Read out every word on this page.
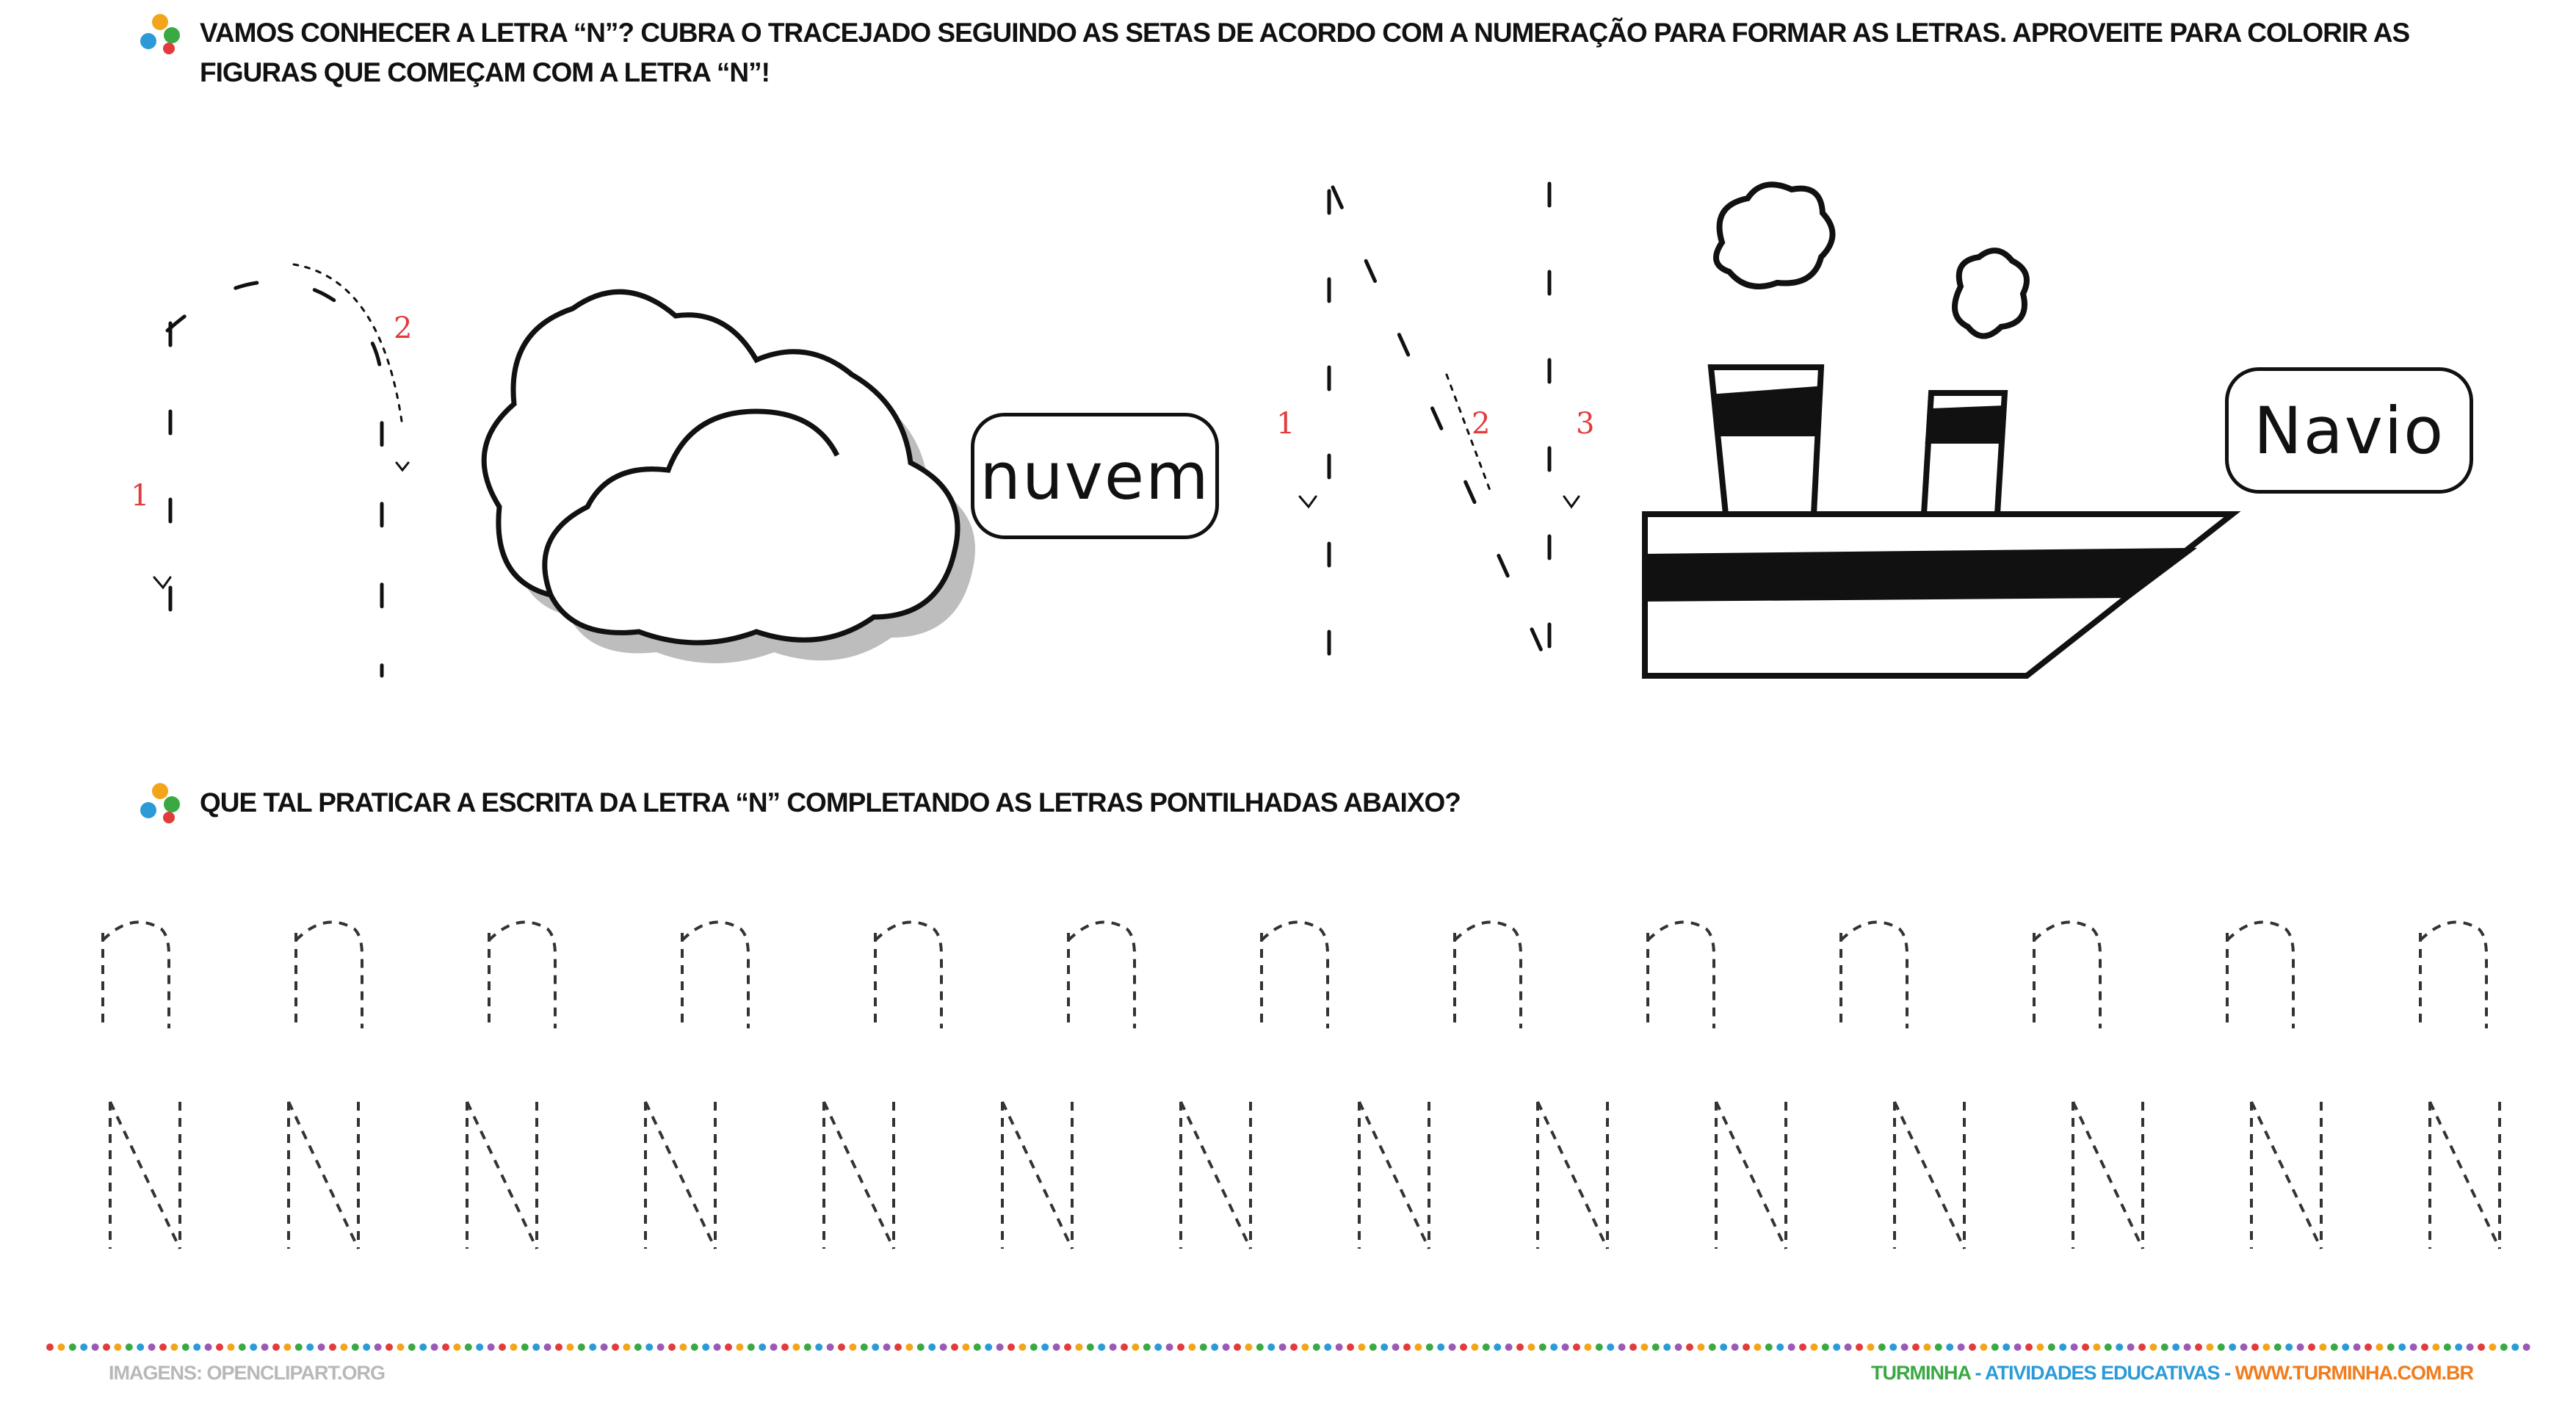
VAMOS CONHECER A LETRA “N”? CUBRA O TRACEJADO SEGUINDO AS SETAS DE ACORDO COM A NUMERAÇÃO PARA FORMAR AS LETRAS. APROVEITE PARA COLORIR AS FIGURAS QUE COMEÇAM COM A LETRA “N”!
1
2
1	2	3
nuvem
Navio
QUE TAL PRATICAR A ESCRITA DA LETRA “N” COMPLETANDO AS LETRAS PONTILHADAS ABAIXO?
IMAGENS: OPENCLIPART.ORG	TURMINHA - ATIVIDADES EDUCATIVAS - WWW.TURMINHA.COM.BR
